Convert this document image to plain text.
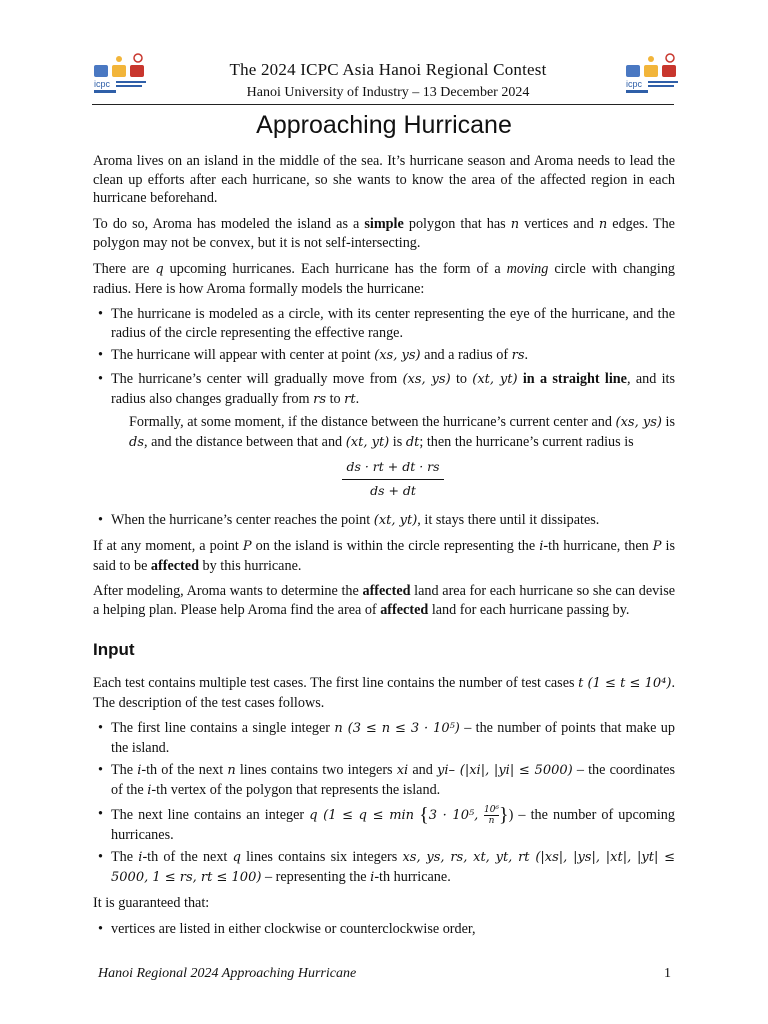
icpc	icpc
The 2024 ICPC Asia Hanoi Regional Contest
Hanoi University of Industry – 13 December 2024
Approaching Hurricane

Aroma lives on an island in the middle of the sea. It’s hurricane season and Aroma needs to lead the clean up efforts after each hurricane, so she wants to know the area of the affected region in each hurricane beforehand.

To do so, Aroma has modeled the island as a simple polygon that has n vertices and n edges. The polygon may not be convex, but it is not self-intersecting.

There are q upcoming hurricanes. Each hurricane has the form of a moving circle with changing radius. Here is how Aroma formally models the hurricane:

• The hurricane is modeled as a circle, with its center representing the eye of the hurricane, and the radius of the circle representing the effective range.
• The hurricane will appear with center at point (xs, ys) and a radius of rs.
• The hurricane’s center will gradually move from (xs, ys) to (xt, yt) in a straight line, and its radius also changes gradually from rs to rt.
Formally, at some moment, if the distance between the hurricane’s current center and (xs, ys) is ds, and the distance between that and (xt, yt) is dt; then the hurricane’s current radius is
ds · rt + dt · rs
ds + dt
• When the hurricane’s center reaches the point (xt, yt), it stays there until it dissipates.

If at any moment, a point P on the island is within the circle representing the i-th hurricane, then P is said to be affected by this hurricane.

After modeling, Aroma wants to determine the affected land area for each hurricane so she can devise a helping plan. Please help Aroma find the area of affected land for each hurricane passing by.

Input

Each test contains multiple test cases. The first line contains the number of test cases t (1 ≤ t ≤ 10⁴). The description of the test cases follows.

• The first line contains a single integer n (3 ≤ n ≤ 3 · 10⁵) – the number of points that make up the island.
• The i-th of the next n lines contains two integers xi and yi– (|xi|, |yi| ≤ 5000) – the coordinates of the i-th vertex of the polygon that represents the island.
• The next line contains an integer q (1 ≤ q ≤ min {3 · 10⁵, $\frac{\text{10⁶}}{n}$}) – the number of upcoming hurricanes.
• The i-th of the next q lines contains six integers xs, ys, rs, xt, yt, rt (|xs|, |ys|, |xt|, |yt| ≤ 5000, 1 ≤ rs, rt ≤ 100) – representing the i-th hurricane.

It is guaranteed that:

• vertices are listed in either clockwise or counterclockwise order,
Hanoi Regional 2024 Approaching Hurricane	1
